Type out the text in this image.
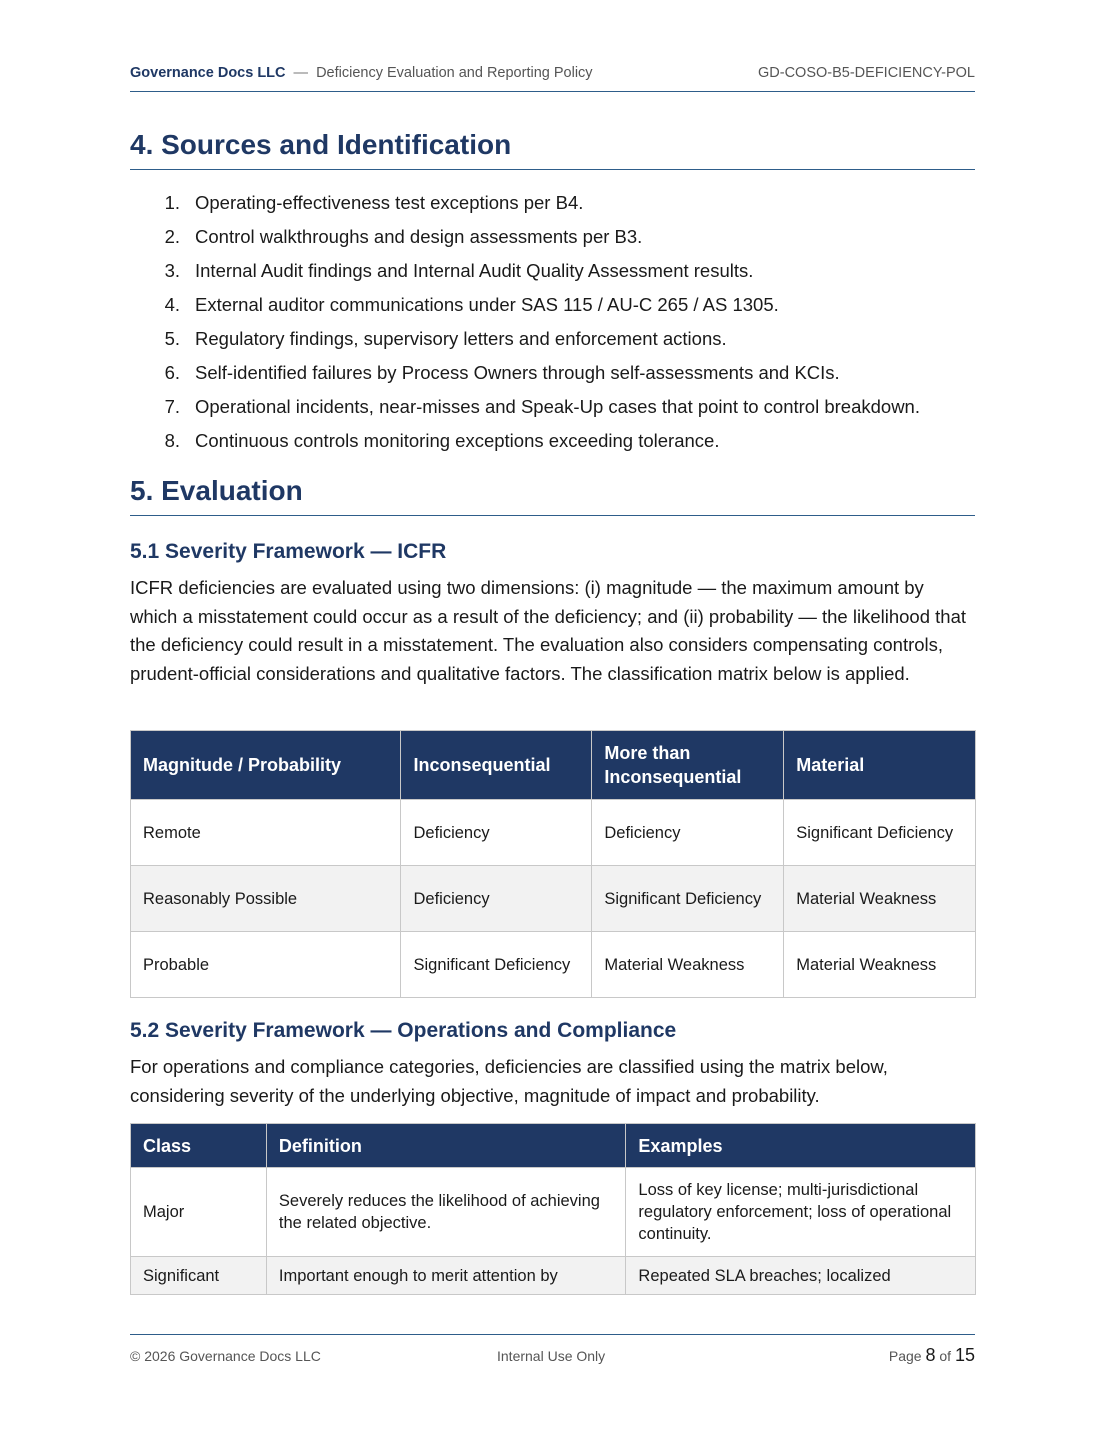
Governance Docs LLC — Deficiency Evaluation and Reporting Policy	GD-COSO-B5-DEFICIENCY-POL
4. Sources and Identification
1. Operating-effectiveness test exceptions per B4.
2. Control walkthroughs and design assessments per B3.
3. Internal Audit findings and Internal Audit Quality Assessment results.
4. External auditor communications under SAS 115 / AU-C 265 / AS 1305.
5. Regulatory findings, supervisory letters and enforcement actions.
6. Self-identified failures by Process Owners through self-assessments and KCIs.
7. Operational incidents, near-misses and Speak-Up cases that point to control breakdown.
8. Continuous controls monitoring exceptions exceeding tolerance.
5. Evaluation
5.1 Severity Framework — ICFR

ICFR deficiencies are evaluated using two dimensions: (i) magnitude — the maximum amount by which a misstatement could occur as a result of the deficiency; and (ii) probability — the likelihood that the deficiency could result in a misstatement. The evaluation also considers compensating controls, prudent-official considerations and qualitative factors. The classification matrix below is applied.

Magnitude / Probability	Inconsequential	More than Inconsequential	Material
Remote	Deficiency	Deficiency	Significant Deficiency
Reasonably Possible	Deficiency	Significant Deficiency	Material Weakness
Probable	Significant Deficiency	Material Weakness	Material Weakness
5.2 Severity Framework — Operations and Compliance

For operations and compliance categories, deficiencies are classified using the matrix below, considering severity of the underlying objective, magnitude of impact and probability.

Class	Definition	Examples
Major	Severely reduces the likelihood of achieving the related objective.	Loss of key license; multi-jurisdictional regulatory enforcement; loss of operational continuity.
Significant	Important enough to merit attention by	Repeated SLA breaches; localized
© 2026 Governance Docs LLC	Internal Use Only	Page 8 of 15
